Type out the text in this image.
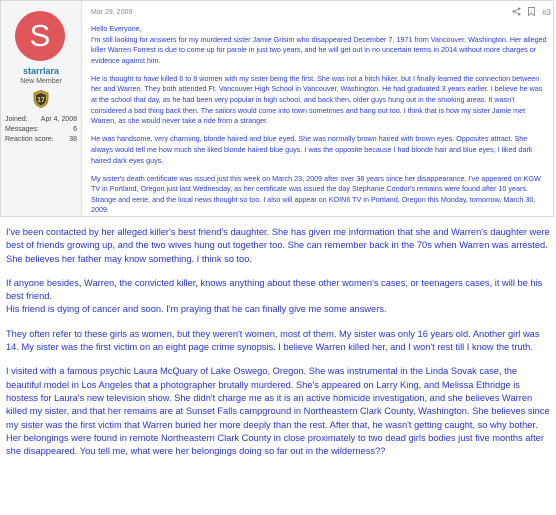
S
starrlara
New Member
17
Joined: Apr 4, 2008
Messages:	6
Reaction score: 38
Mar 29, 2009	#3

Hello Everyone,
I'm still looking for answers for my murdered sister Jamie Grisim who disappeared December 7, 1971 from Vancouver, Washington. Her alleged killer Warren Forrest is due to come up for parole in just two years, and he will get out in no uncertain terms in 2014 without more charges or evidence against him.

He is thought to have killed 6 to 8 women with my sister being the first. She was not a hitch hiker, but I finally learned the connection between her and Warren. They both attended Ft. Vancouver High School in Vancouver, Washington. He had graduated 3 years earlier. I believe he was at the school that day, as he had been very popular in high school, and back then, older guys hung out in the smoking areas. It wasn't considered a bad thing back then. The sailors would come into town sometimes and hang out too. I think that is how my sister Jamie met Warren, as she would never take a ride from a stranger.

He was handsome, very charming, blonde haired and blue eyed. She was normally brown haired with brown eyes. Opposites attract. She always would tell me how much she liked blonde haired blue guys. I was the opposite because I had blonde hair and blue eyes, I liked dark haired dark eyes guys.

My sister's death certificate was issued just this week on March 23, 2009 after over 38 years since her disappearance. I've appeared on KGW TV in Portland, Oregon just last Wednesday, as her certificate was issued the day Stephanie Condor's remains were found after 10 years. Strange and eerie, and the local news thought so too. I also will appear on KOIN6 TV in Portland, Oregon this Monday, tomorrow, March 30, 2009.

I've been contacted by her alleged killer's best friend's daughter. She has given me information that she and Warren's daughter were best of friends growing up, and the two wives hung out together too. She can remember back in the 70s when Warren was arrested. She believes her father may know something. I think so too.

If anyone besides, Warren, the convicted killer, knows anything about these other women's cases, or teenagers cases, it will be his best friend.
His friend is dying of cancer and soon. I'm praying that he can finally give me some answers.

They often refer to these girls as women, but they weren't women, most of them. My sister was only 16 years old. Another girl was 14. My sister was the first victim on an eight page crime synopsis. I believe Warren killed her, and I won't rest till I know the truth.

I visited with a famous psychic Laura McQuary of Lake Oswego, Oregon. She was instrumental in the Linda Sovak case, the beautiful model in Los Angeles that a photographer brutally murdered. She's appeared on Larry King, and Melissa Ethridge is hostess for Laura's new television show. She didn't charge me as it is an active homicide investigation, and she believes Warren killed my sister, and that her remains are at Sunset Falls campground in Northeastern Clark County, Washington. She believes since my sister was the first victim that Warren buried her more deeply than the rest. After that, he wasn't getting caught, so why bother. Her belongings were found in remote Northeastern Clark County in close proximately to two dead girls bodies just five months after she disappeared. You tell me, what were her belongings doing so far out in the wilderness??
